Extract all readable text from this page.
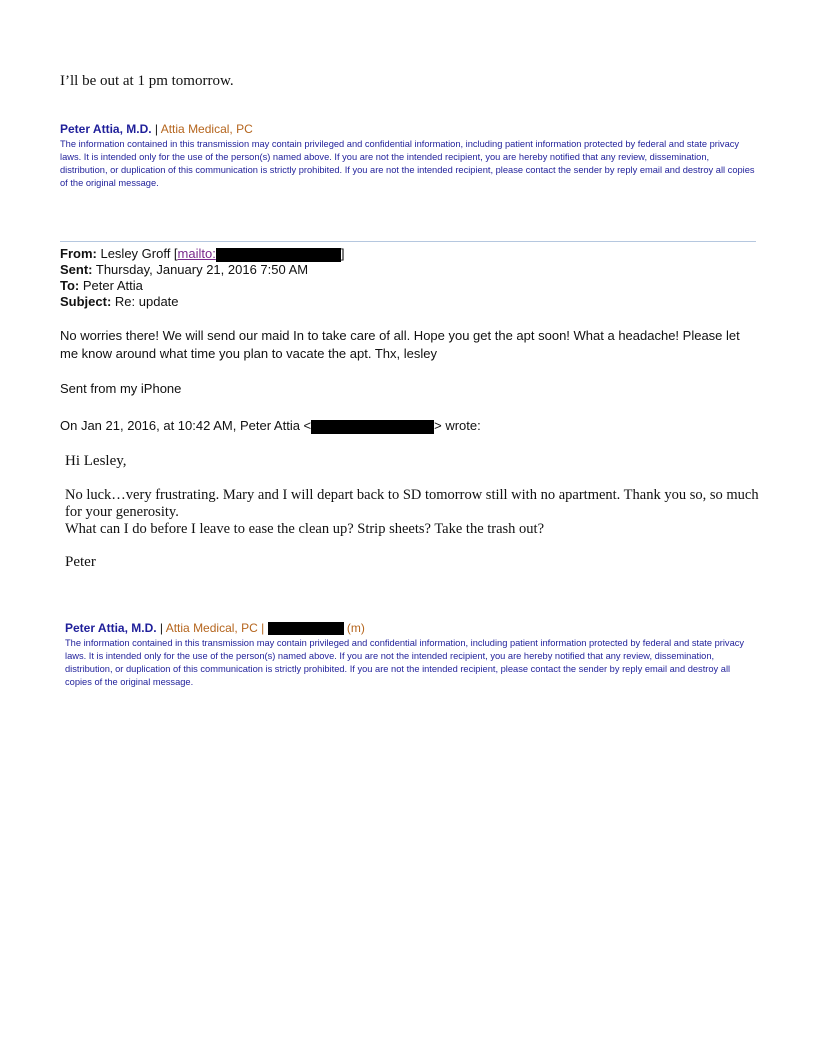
I’ll be out at 1 pm tomorrow.
Peter Attia, M.D. | Attia Medical, PC
The information contained in this transmission may contain privileged and confidential information, including patient information protected by federal and state privacy laws. It is intended only for the use of the person(s) named above. If you are not the intended recipient, you are hereby notified that any review, dissemination, distribution, or duplication of this communication is strictly prohibited. If you are not the intended recipient, please contact the sender by reply email and destroy all copies of the original message.
From: Lesley Groff [mailto:	]
Sent: Thursday, January 21, 2016 7:50 AM
To: Peter Attia
Subject: Re: update
No worries there! We will send our maid In to take care of all. Hope you get the apt soon! What a headache! Please let me know around what time you plan to vacate the apt. Thx, lesley
Sent from my iPhone
On Jan 21, 2016, at 10:42 AM, Peter Attia <	> wrote:
Hi Lesley,
No luck…very frustrating. Mary and I will depart back to SD tomorrow still with no apartment. Thank you so, so much for your generosity.
What can I do before I leave to ease the clean up? Strip sheets? Take the trash out?
Peter
Peter Attia, M.D. | Attia Medical, PC |	(m)
The information contained in this transmission may contain privileged and confidential information, including patient information protected by federal and state privacy laws. It is intended only for the use of the person(s) named above. If you are not the intended recipient, you are hereby notified that any review, dissemination, distribution, or duplication of this communication is strictly prohibited. If you are not the intended recipient, please contact the sender by reply email and destroy all copies of the original message.
